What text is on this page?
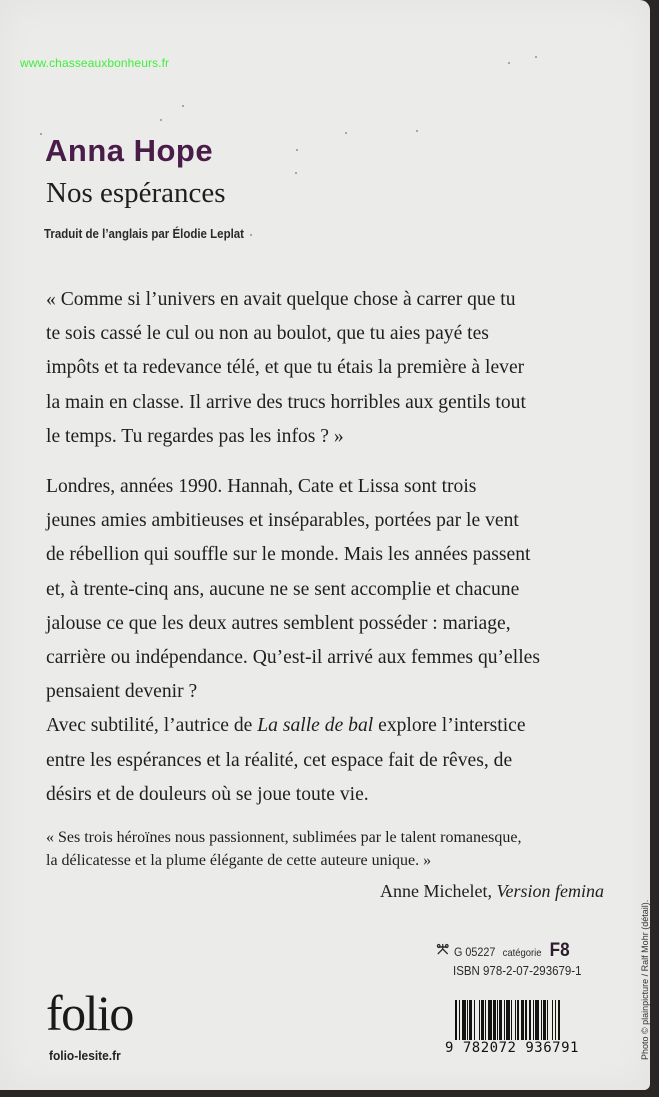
www.chasseauxbonheurs.fr
Anna Hope
Nos espérances
Traduit de l’anglais par Élodie Leplat
« Comme si l’univers en avait quelque chose à carrer que tu
te sois cassé le cul ou non au boulot, que tu aies payé tes
impôts et ta redevance télé, et que tu étais la première à lever
la main en classe. Il arrive des trucs horribles aux gentils tout
le temps. Tu regardes pas les infos ? »
Londres, années 1990. Hannah, Cate et Lissa sont trois
jeunes amies ambitieuses et inséparables, portées par le vent
de rébellion qui souffle sur le monde. Mais les années passent
et, à trente-cinq ans, aucune ne se sent accomplie et chacune
jalouse ce que les deux autres semblent posséder : mariage,
carrière ou indépendance. Qu’est-il arrivé aux femmes qu’elles
pensaient devenir ?
Avec subtilité, l’autrice de La salle de bal explore l’interstice
entre les espérances et la réalité, cet espace fait de rêves, de
désirs et de douleurs où se joue toute vie.
« Ses trois héroïnes nous passionnent, sublimées par le talent romanesque,
la délicatesse et la plume élégante de cette auteure unique. »
Anne Michelet, Version femina
G 05227 catégorie F8
ISBN 978-2-07-293679-1
9 782072 936791
folio
folio-lesite.fr	Photo © plainpicture / Ralf Mohr (détail).
